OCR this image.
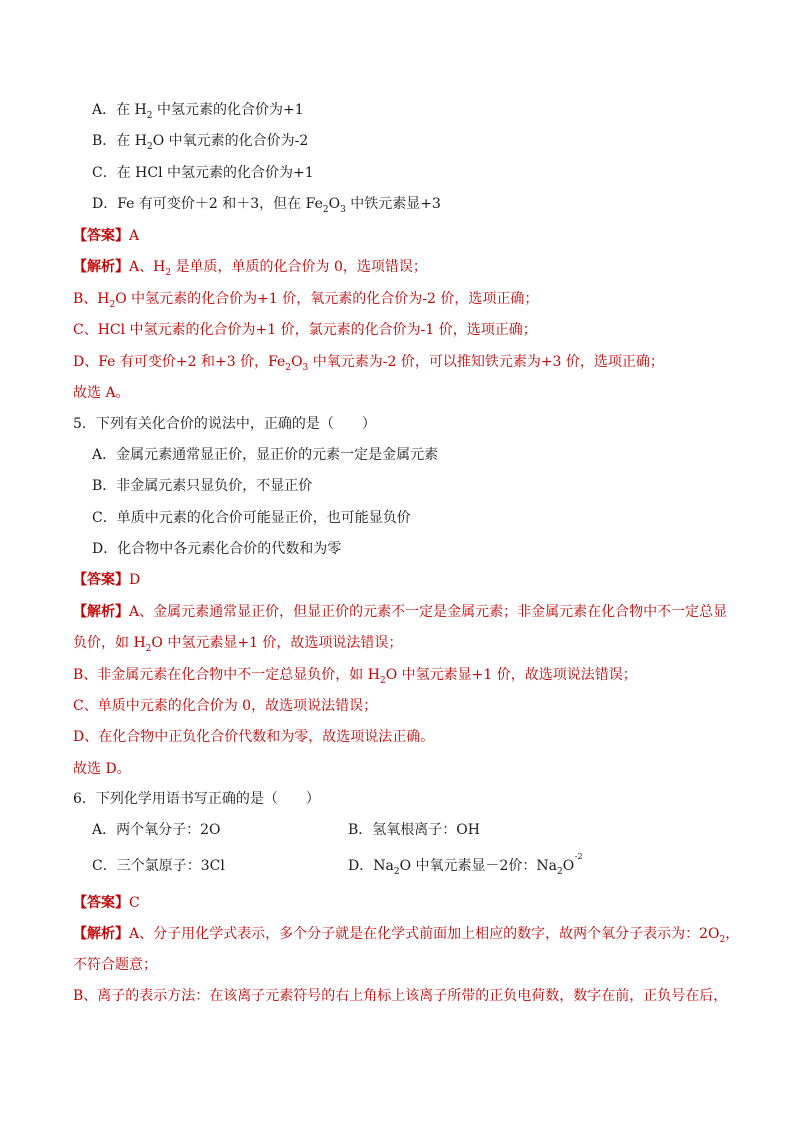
A．在 $H_2$ 中氢元素的化合价为+1
B．在 $H_2O$ 中氧元素的化合价为-2
C．在 HCl 中氢元素的化合价为+1
D．Fe 有可变价＋2 和＋3，但在 $Fe_2O_3$ 中铁元素显+3
【答案】A
【解析】A、$H_2$ 是单质，单质的化合价为 0，选项错误；
B、$H_2O$ 中氢元素的化合价为+1 价，氧元素的化合价为-2 价，选项正确；
C、HCl 中氢元素的化合价为+1 价，氯元素的化合价为-1 价，选项正确；
D、Fe 有可变价+2 和+3 价，$Fe_2O_3$ 中氧元素为-2 价，可以推知铁元素为+3 价，选项正确；
故选 A。
5．下列有关化合价的说法中，正确的是（　　）
A．金属元素通常显正价，显正价的元素一定是金属元素
B．非金属元素只显负价，不显正价
C．单质中元素的化合价可能显正价，也可能显负价
D．化合物中各元素化合价的代数和为零
【答案】D
【解析】A、金属元素通常显正价，但显正价的元素不一定是金属元素；非金属元素在化合物中不一定总显
负价，如 $H_2O$ 中氢元素显+1 价，故选项说法错误；
B、非金属元素在化合物中不一定总显负价，如 $H_2O$ 中氢元素显+1 价，故选项说法错误；
C、单质中元素的化合价为 0，故选项说法错误；
D、在化合物中正负化合价代数和为零，故选项说法正确。
故选 D。
6．下列化学用语书写正确的是（　　）
A．两个氧分子：2O	B．氢氧根离子：OH
C．三个氯原子：3Cl	D．$Na_2O$ 中氧元素显－2价：$Na_2O$
-2
【答案】C
【解析】A、分子用化学式表示，多个分子就是在化学式前面加上相应的数字，故两个氧分子表示为：$2O_2$，
不符合题意；
B、离子的表示方法：在该离子元素符号的右上角标上该离子所带的正负电荷数，数字在前，正负号在后，
